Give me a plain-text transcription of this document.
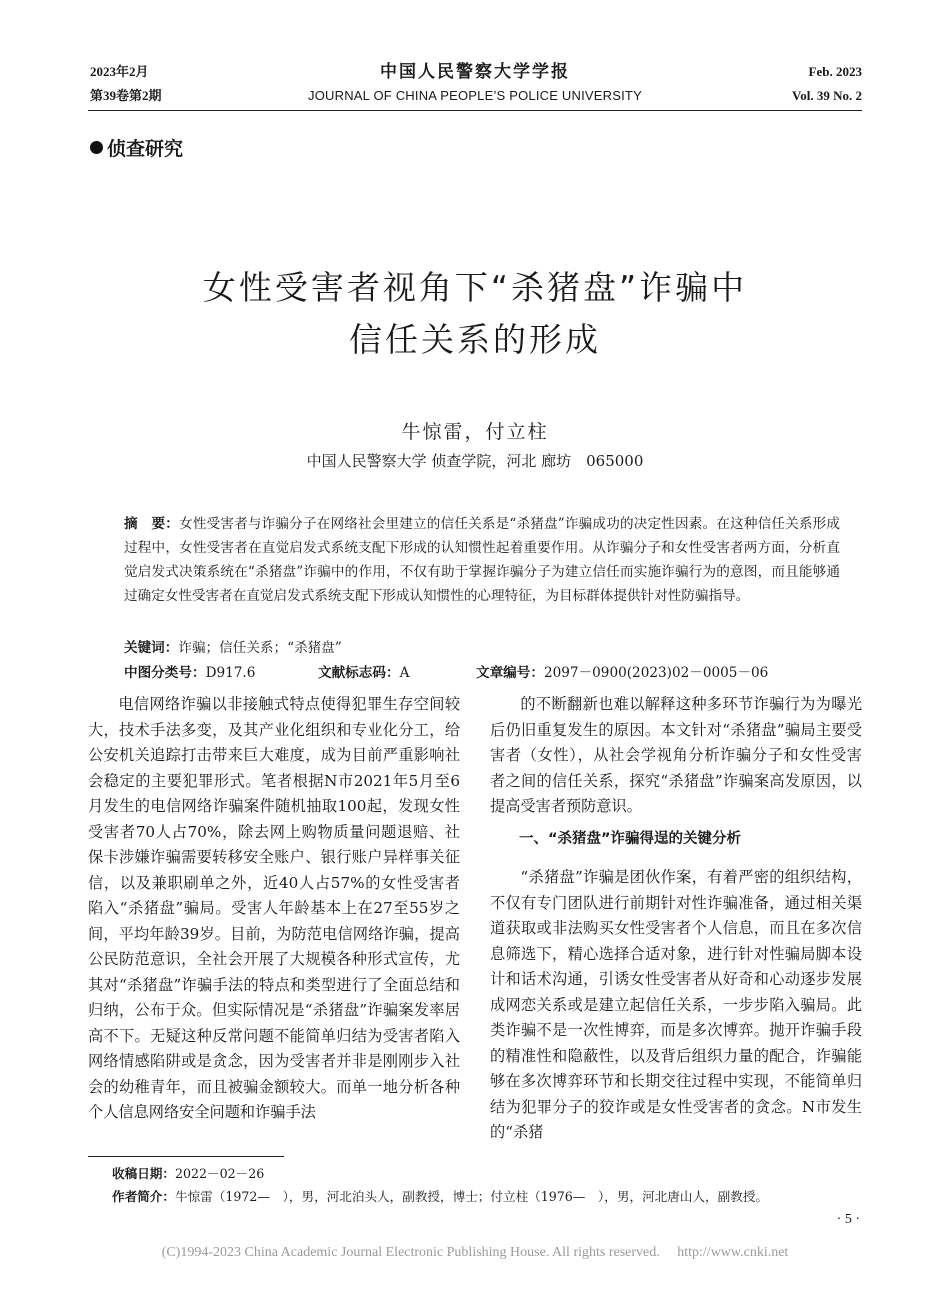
2023年2月
第39卷第2期
中国人民警察大学学报
JOURNAL OF CHINA PEOPLE’S POLICE UNIVERSITY
Feb. 2023
Vol. 39 No. 2
侦查研究
女性受害者视角下“杀猪盘”诈骗中
信任关系的形成
牛惊雷，付立柱
中国人民警察大学 侦查学院，河北 廊坊　065000
摘　要：女性受害者与诈骗分子在网络社会里建立的信任关系是“杀猪盘”诈骗成功的决定性因素。在这种信任关系形成过程中，女性受害者在直觉启发式系统支配下形成的认知惯性起着重要作用。从诈骗分子和女性受害者两方面，分析直觉启发式决策系统在“杀猪盘”诈骗中的作用，不仅有助于掌握诈骗分子为建立信任而实施诈骗行为的意图，而且能够通过确定女性受害者在直觉启发式系统支配下形成认知惯性的心理特征，为目标群体提供针对性防骗指导。
关键词：诈骗；信任关系；“杀猪盘”
中图分类号：D917.6	文献标志码：A	文章编号：2097－0900(2023)02－0005－06

电信网络诈骗以非接触式特点使得犯罪生存空间较大，技术手法多变，及其产业化组织和专业化分工，给公安机关追踪打击带来巨大难度，成为目前严重影响社会稳定的主要犯罪形式。笔者根据N市2021年5月至6月发生的电信网络诈骗案件随机抽取100起，发现女性受害者70人占70%，除去网上购物质量问题退赔、社保卡涉嫌诈骗需要转移安全账户、银行账户异样事关征信，以及兼职刷单之外，近40人占57%的女性受害者陷入“杀猪盘”骗局。受害人年龄基本上在27至55岁之间，平均年龄39岁。目前，为防范电信网络诈骗，提高公民防范意识，全社会开展了大规模各种形式宣传，尤其对“杀猪盘”诈骗手法的特点和类型进行了全面总结和归纳，公布于众。但实际情况是“杀猪盘”诈骗案发率居高不下。无疑这种反常问题不能简单归结为受害者陷入网络情感陷阱或是贪念，因为受害者并非是刚刚步入社会的幼稚青年，而且被骗金额较大。而单一地分析各种个人信息网络安全问题和诈骗手法

的不断翻新也难以解释这种多环节诈骗行为为曝光后仍旧重复发生的原因。本文针对“杀猪盘”骗局主要受害者（女性），从社会学视角分析诈骗分子和女性受害者之间的信任关系，探究“杀猪盘”诈骗案高发原因，以提高受害者预防意识。

一、“杀猪盘”诈骗得逞的关键分析

“杀猪盘”诈骗是团伙作案，有着严密的组织结构，不仅有专门团队进行前期针对性诈骗准备，通过相关渠道获取或非法购买女性受害者个人信息，而且在多次信息筛选下，精心选择合适对象，进行针对性骗局脚本设计和话术沟通，引诱女性受害者从好奇和心动逐步发展成网恋关系或是建立起信任关系，一步步陷入骗局。此类诈骗不是一次性博弈，而是多次博弈。抛开诈骗手段的精准性和隐蔽性，以及背后组织力量的配合，诈骗能够在多次博弈环节和长期交往过程中实现，不能简单归结为犯罪分子的狡诈或是女性受害者的贪念。N市发生的“杀猪

收稿日期：2022－02－26
作者简介：牛惊雷（1972—　），男，河北泊头人，副教授，博士；付立柱（1976—　），男，河北唐山人，副教授。
· 5 ·
(C)1994-2023 China Academic Journal Electronic Publishing House. All rights reserved.　 http://www.cnki.net
